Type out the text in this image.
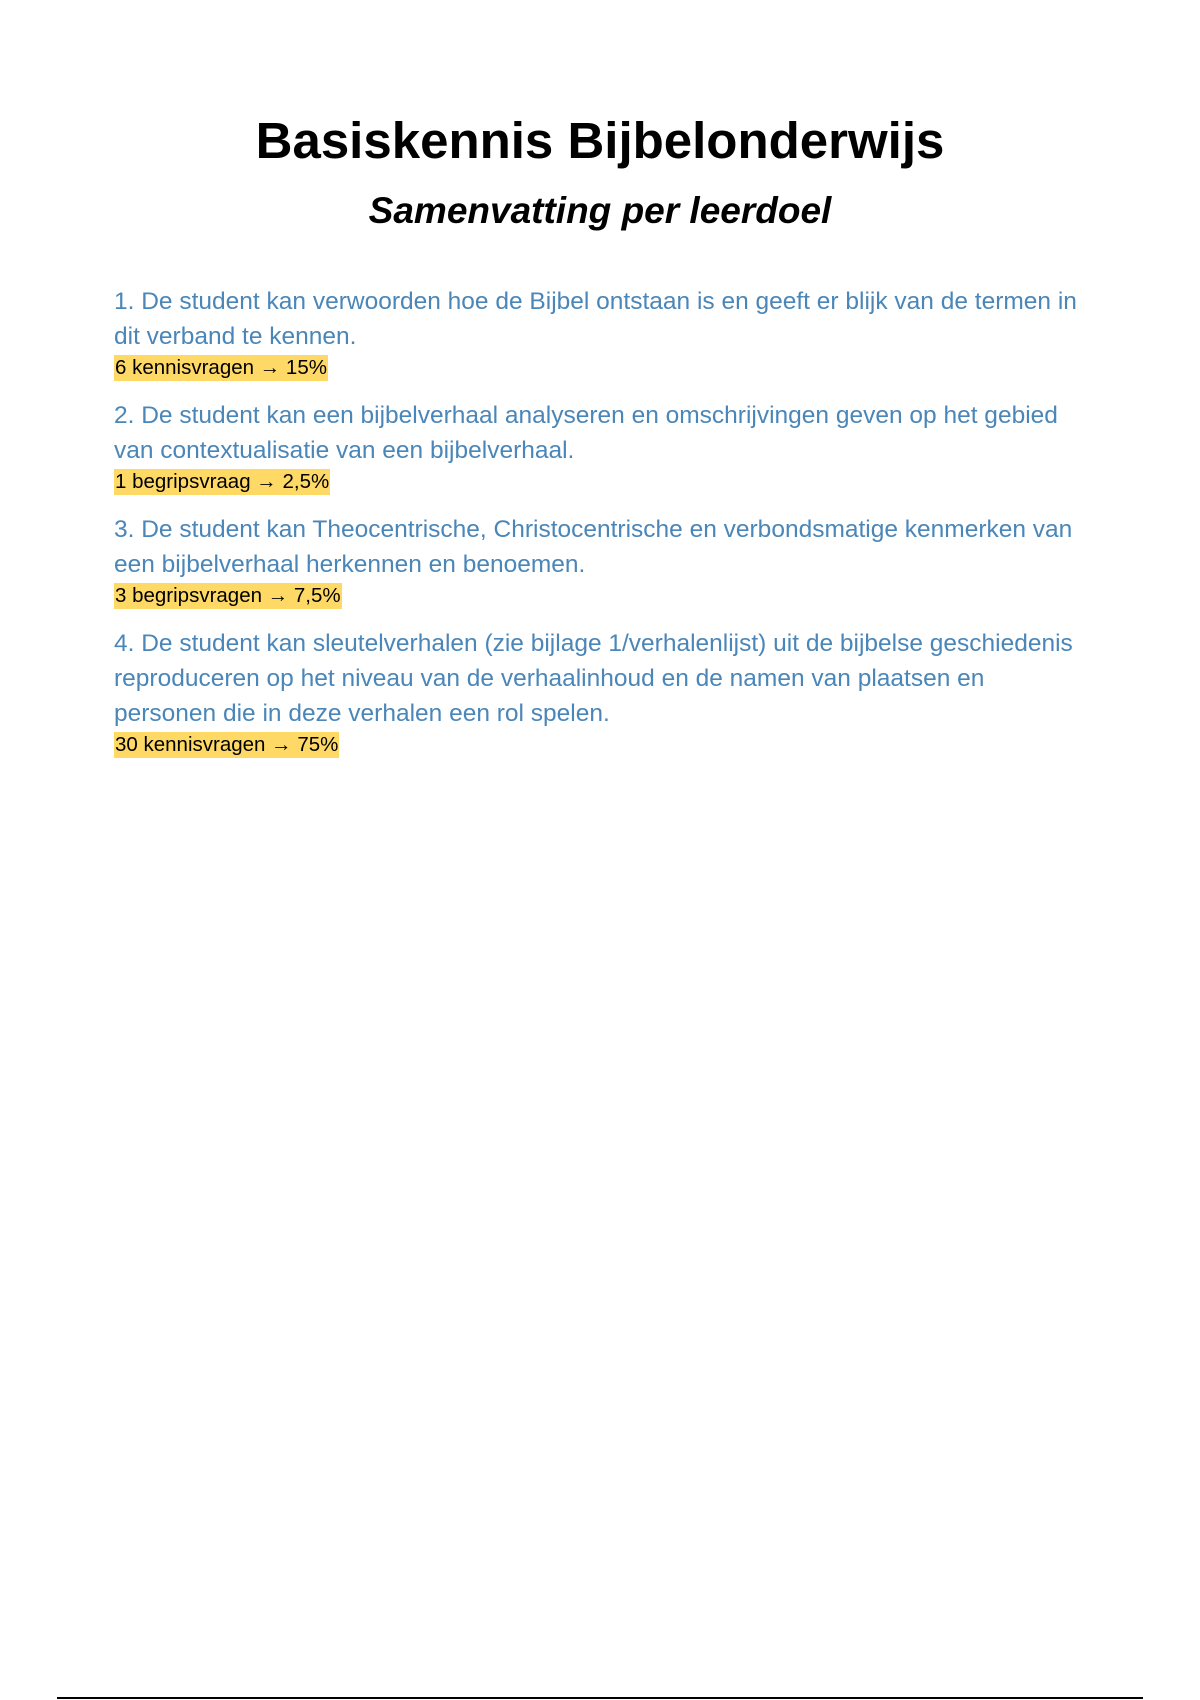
Basiskennis Bijbelonderwijs
Samenvatting per leerdoel

1. De student kan verwoorden hoe de Bijbel ontstaan is en geeft er blijk van de termen in dit verband te kennen.

6 kennisvragen → 15%

2. De student kan een bijbelverhaal analyseren en omschrijvingen geven op het gebied van contextualisatie van een bijbelverhaal.

1 begripsvraag → 2,5%

3. De student kan Theocentrische, Christocentrische en verbondsmatige kenmerken van een bijbelverhaal herkennen en benoemen.

3 begripsvragen → 7,5%

4. De student kan sleutelverhalen (zie bijlage 1/verhalenlijst) uit de bijbelse geschiedenis reproduceren op het niveau van de verhaalinhoud en de namen van plaatsen en personen die in deze verhalen een rol spelen.

30 kennisvragen → 75%
